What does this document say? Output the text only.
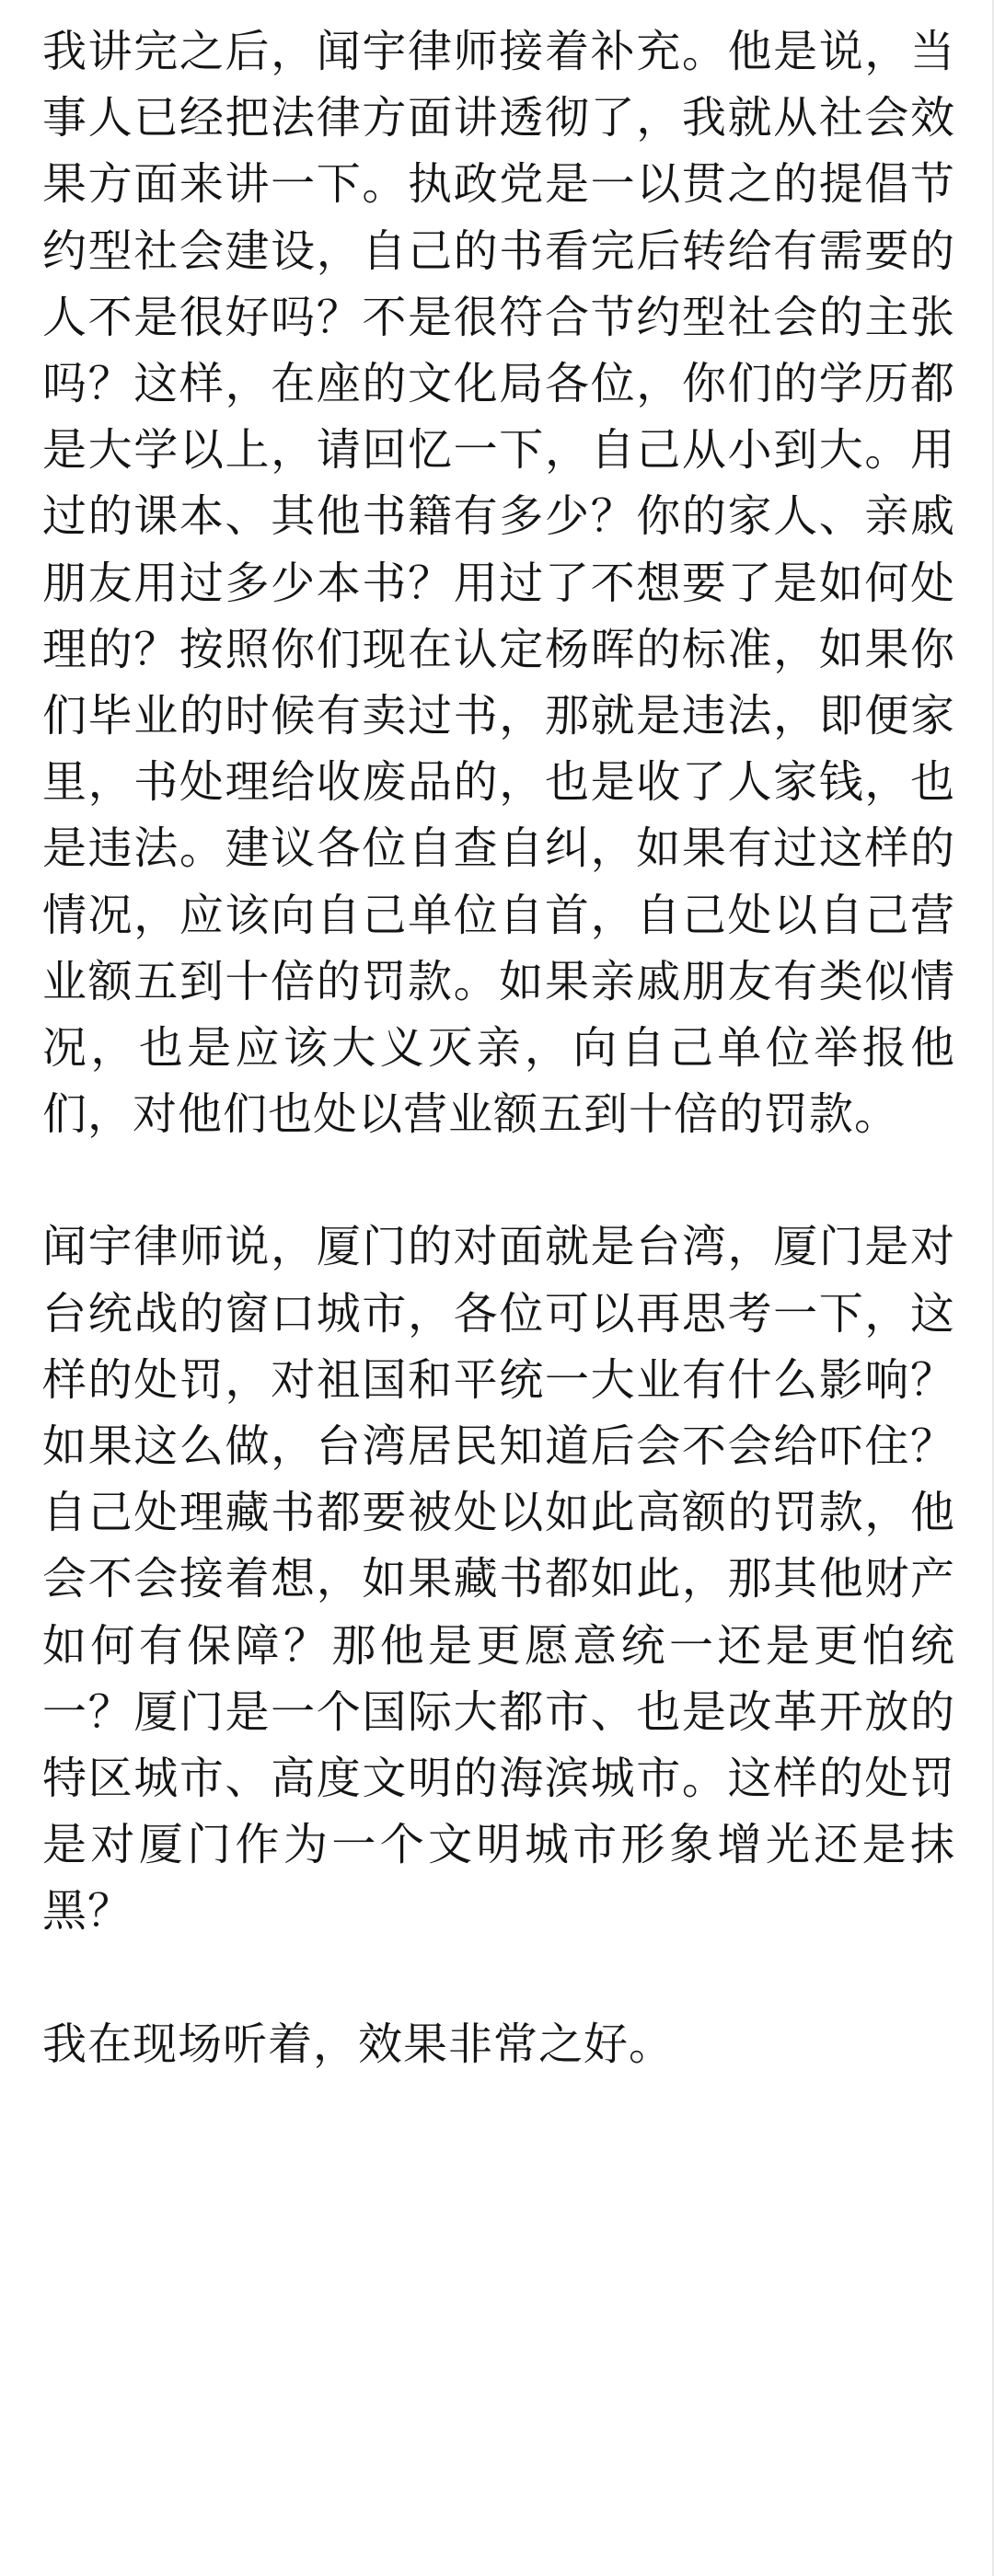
我讲完之后，闻宇律师接着补充。他是说，当事人已经把法律方面讲透彻了，我就从社会效果方面来讲一下。执政党是一以贯之的提倡节约型社会建设，自己的书看完后转给有需要的人不是很好吗？不是很符合节约型社会的主张吗？这样，在座的文化局各位，你们的学历都是大学以上，请回忆一下，自己从小到大。用过的课本、其他书籍有多少？你的家人、亲戚朋友用过多少本书？用过了不想要了是如何处理的？按照你们现在认定杨晖的标准，如果你们毕业的时候有卖过书，那就是违法，即便家里，书处理给收废品的，也是收了人家钱，也是违法。建议各位自查自纠，如果有过这样的情况，应该向自己单位自首，自己处以自己营业额五到十倍的罚款。如果亲戚朋友有类似情况，也是应该大义灭亲，向自己单位举报他们，对他们也处以营业额五到十倍的罚款。

闻宇律师说，厦门的对面就是台湾，厦门是对台统战的窗口城市，各位可以再思考一下，这样的处罚，对祖国和平统一大业有什么影响？如果这么做，台湾居民知道后会不会给吓住？自己处理藏书都要被处以如此高额的罚款，他会不会接着想，如果藏书都如此，那其他财产如何有保障？那他是更愿意统一还是更怕统一？厦门是一个国际大都市、也是改革开放的特区城市、高度文明的海滨城市。这样的处罚是对厦门作为一个文明城市形象增光还是抹黑？

我在现场听着，效果非常之好。
